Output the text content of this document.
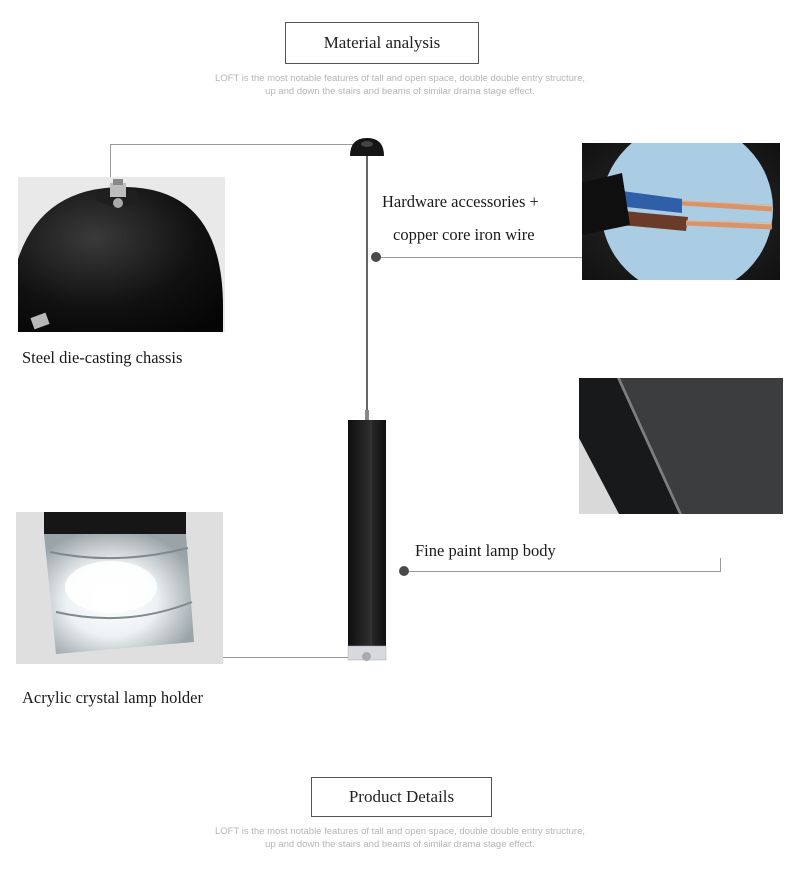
Material analysis
LOFT is the most notable features of tall and open space, double double entry structure,
up and down the stairs and beams of similar drama stage effect.
Steel die-casting chassis
Hardware accessories +
copper core iron wire
Fine paint lamp body
Acrylic crystal lamp holder
Product Details
LOFT is the most notable features of tall and open space, double double entry structure,
up and down the stairs and beams of similar drama stage effect.
